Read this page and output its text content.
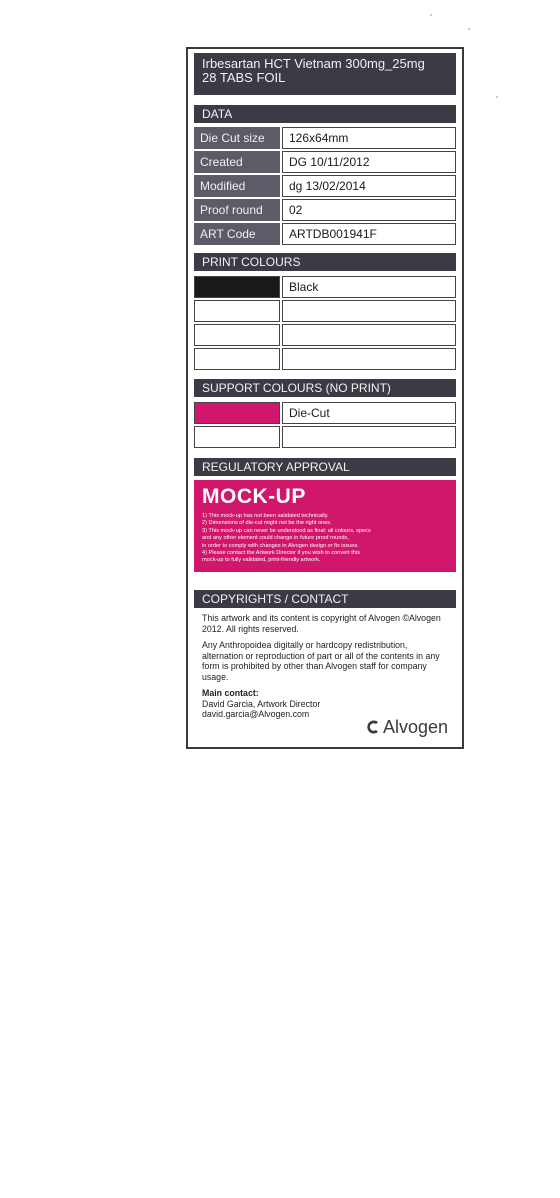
Irbesartan HCT Vietnam 300mg_25mg
28 TABS FOIL
DATA
Die Cut size	126x64mm
Created	DG 10/11/2012
Modified	dg 13/02/2014
Proof round	02
ART Code	ARTDB001941F
PRINT COLOURS
Black
SUPPORT COLOURS (NO PRINT)
Die-Cut
REGULATORY APPROVAL
MOCK-UP
1) This mock-up has not been validated technically.
2) Dimensions of die-cut might not be the right ones.
3) This mock-up can never be understood as final: all colours, specs
and any other element could change in future proof rounds,
in order to comply with changes in Alvogen design or fix issues.
4) Please contact the Artwork Director if you wish to convert this
mock-up to fully validated, print-friendly artwork.
COPYRIGHTS / CONTACT

This artwork and its content is copyright of Alvogen ©Alvogen 2012. All rights reserved.

Any Anthropoidea digitally or hardcopy redistribution, alternation or reproduction of part or all of the contents in any form is prohibited by other than Alvogen staff for company usage.

Main contact:
David Garcia, Artwork Director
david.garcia@Alvogen.com

Alvogen
